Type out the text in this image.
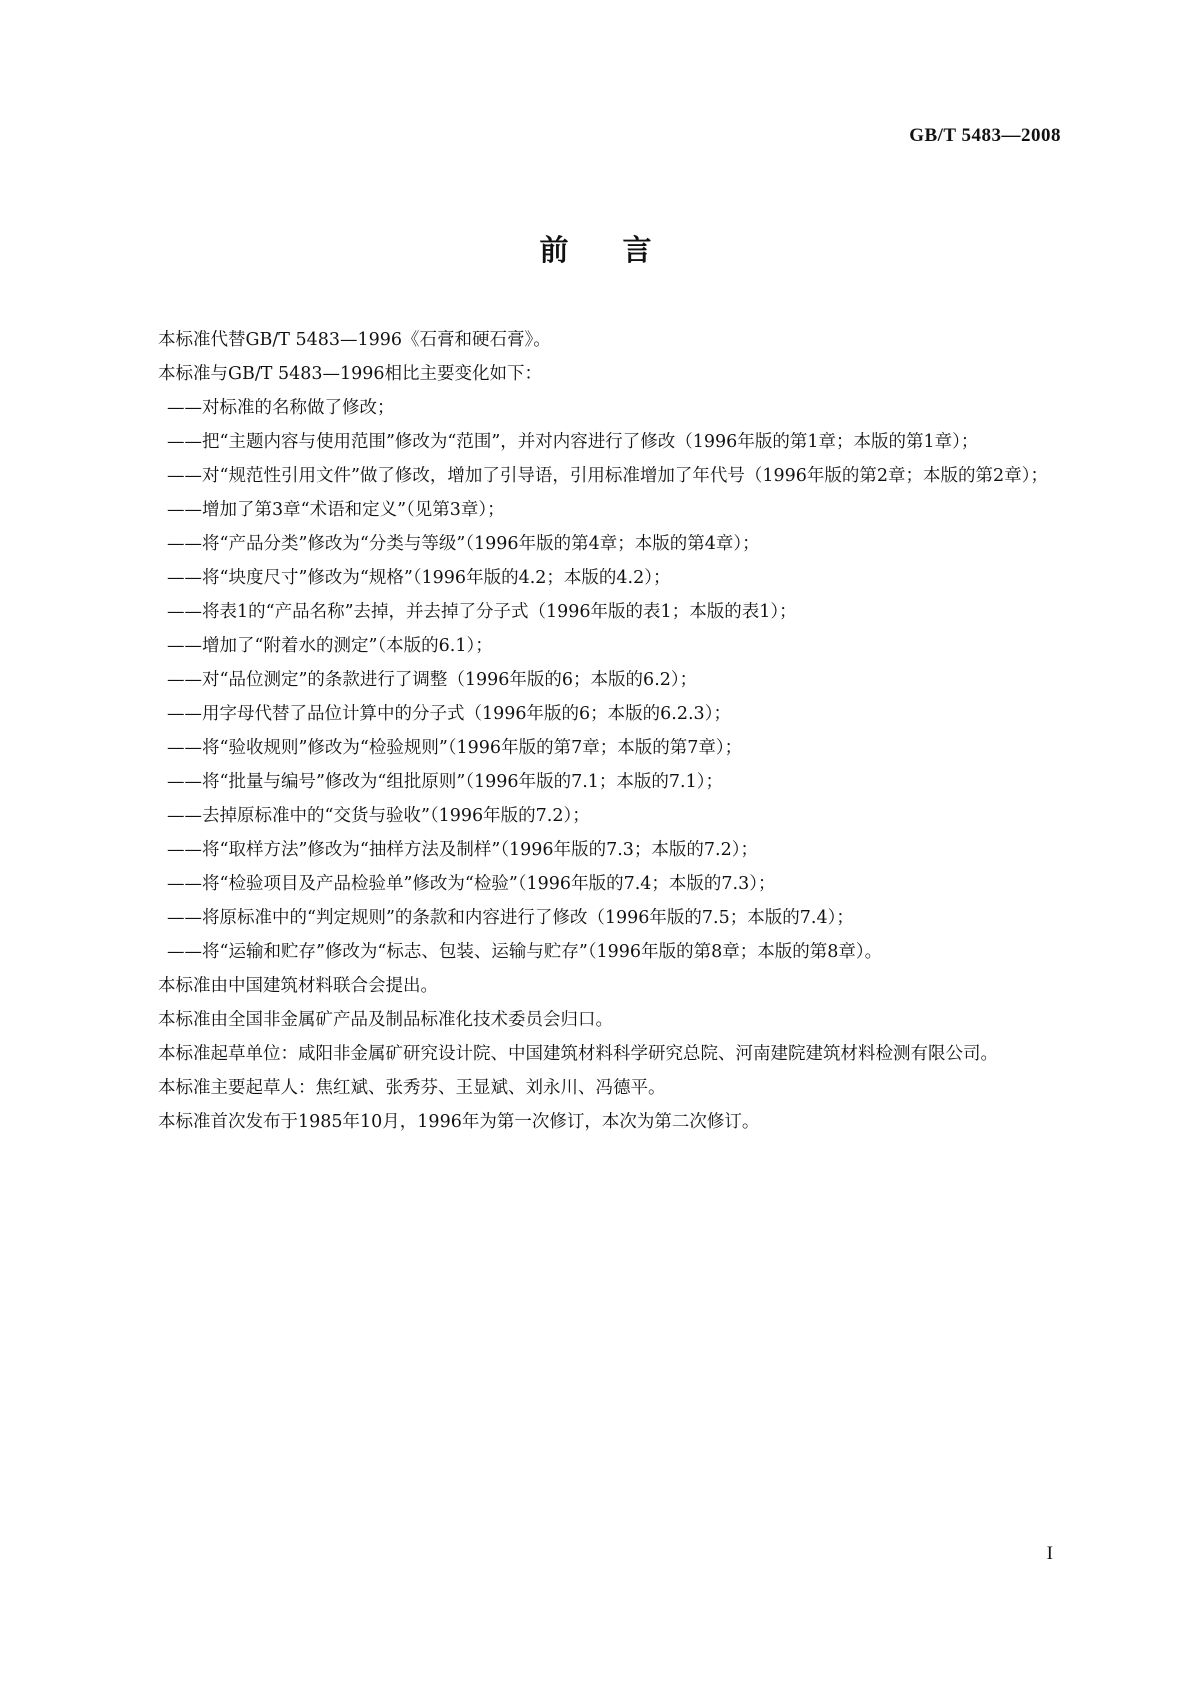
GB/T 5483—2008
前言

本标准代替GB/T 5483—1996《石膏和硬石膏》。

本标准与GB/T 5483—1996相比主要变化如下：

——对标准的名称做了修改；

——把“主题内容与使用范围”修改为“范围”，并对内容进行了修改（1996年版的第1章；本版的第1章）；

——对“规范性引用文件”做了修改，增加了引导语，引用标准增加了年代号（1996年版的第2章；本版的第2章）；

——增加了第3章“术语和定义”（见第3章）；

——将“产品分类”修改为“分类与等级”（1996年版的第4章；本版的第4章）；

——将“块度尺寸”修改为“规格”（1996年版的4.2；本版的4.2）；

——将表1的“产品名称”去掉，并去掉了分子式（1996年版的表1；本版的表1）；

——增加了“附着水的测定”（本版的6.1）；

——对“品位测定”的条款进行了调整（1996年版的6；本版的6.2）；

——用字母代替了品位计算中的分子式（1996年版的6；本版的6.2.3）；

——将“验收规则”修改为“检验规则”（1996年版的第7章；本版的第7章）；

——将“批量与编号”修改为“组批原则”（1996年版的7.1；本版的7.1）；

——去掉原标准中的“交货与验收”（1996年版的7.2）；

——将“取样方法”修改为“抽样方法及制样”（1996年版的7.3；本版的7.2）；

——将“检验项目及产品检验单”修改为“检验”（1996年版的7.4；本版的7.3）；

——将原标准中的“判定规则”的条款和内容进行了修改（1996年版的7.5；本版的7.4）；

——将“运输和贮存”修改为“标志、包装、运输与贮存”（1996年版的第8章；本版的第8章）。

本标准由中国建筑材料联合会提出。

本标准由全国非金属矿产品及制品标准化技术委员会归口。

本标准起草单位：咸阳非金属矿研究设计院、中国建筑材料科学研究总院、河南建院建筑材料检测有限公司。

本标准主要起草人：焦红斌、张秀芬、王显斌、刘永川、冯德平。

本标准首次发布于1985年10月，1996年为第一次修订，本次为第二次修订。

I
